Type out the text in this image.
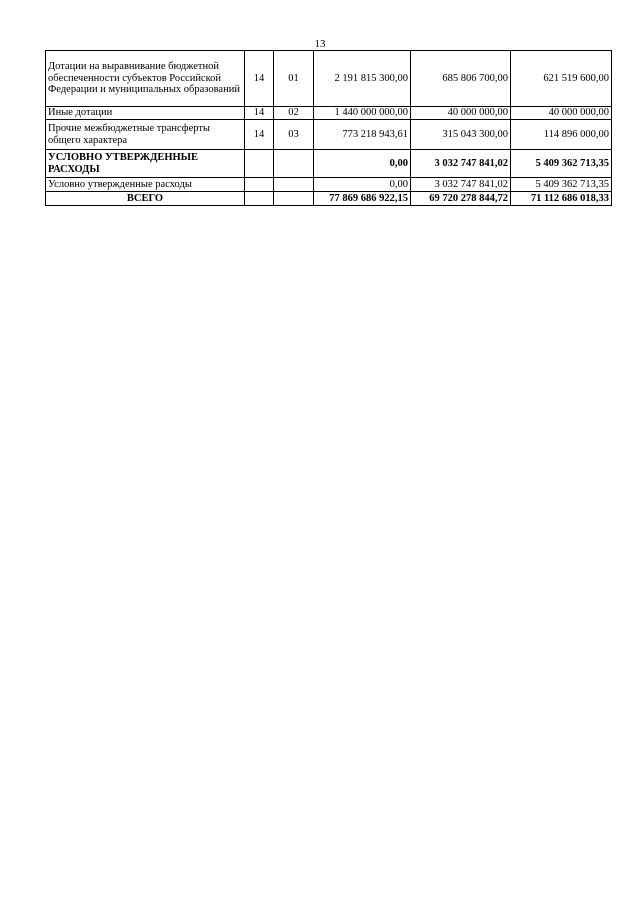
13
Дотации на выравнивание бюджетной обеспеченности субъектов Российской Федерации и муниципальных образований	14	01	2 191 815 300,00	685 806 700,00	621 519 600,00
Иные дотации	14	02	1 440 000 000,00	40 000 000,00	40 000 000,00
Прочие межбюджетные трансферты общего характера	14	03	773 218 943,61	315 043 300,00	114 896 000,00
УСЛОВНО УТВЕРЖДЕННЫЕ РАСХОДЫ			0,00	3 032 747 841,02	5 409 362 713,35
Условно утвержденные расходы			0,00	3 032 747 841,02	5 409 362 713,35
ВСЕГО			77 869 686 922,15	69 720 278 844,72	71 112 686 018,33
